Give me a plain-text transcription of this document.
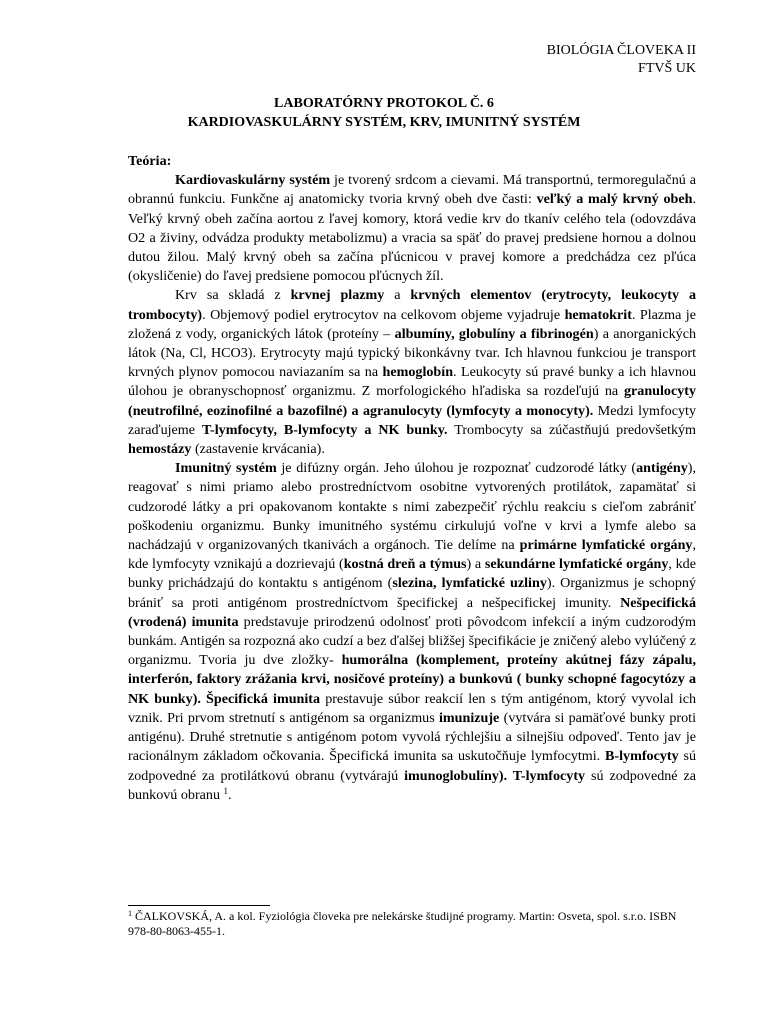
BIOLÓGIA ČLOVEKA II
FTVŠ UK
LABORATÓRNY PROTOKOL Č. 6
KARDIOVASKULÁRNY SYSTÉM, KRV, IMUNITNÝ SYSTÉM
Teória:

Kardiovaskulárny systém je tvorený srdcom a cievami. Má transportnú, termoregulačnú a obrannú funkciu. Funkčne aj anatomicky tvoria krvný obeh dve časti: veľký a malý krvný obeh. Veľký krvný obeh začína aortou z ľavej komory, ktorá vedie krv do tkanív celého tela (odovzdáva O2 a živiny, odvádza produkty metabolizmu) a vracia sa späť do pravej predsiene hornou a dolnou dutou žilou. Malý krvný obeh sa začína pľúcnicou v pravej komore a predchádza cez pľúca (okysličenie) do ľavej predsiene pomocou pľúcnych žíl.

Krv sa skladá z krvnej plazmy a krvných elementov (erytrocyty, leukocyty a trombocyty). Objemový podiel erytrocytov na celkovom objeme vyjadruje hematokrit. Plazma je zložená z vody, organických látok (proteíny – albumíny, globulíny a fibrinogén) a anorganických látok (Na, Cl, HCO3). Erytrocyty majú typický bikonkávny tvar. Ich hlavnou funkciou je transport krvných plynov pomocou naviazaním sa na hemoglobín. Leukocyty sú pravé bunky a ich hlavnou úlohou je obranyschopnosť organizmu. Z morfologického hľadiska sa rozdeľujú na granulocyty (neutrofilné, eozinofilné a bazofilné) a agranulocyty (lymfocyty a monocyty). Medzi lymfocyty zaraďujeme T-lymfocyty, B-lymfocyty a NK bunky. Trombocyty sa zúčastňujú predovšetkým hemostázy (zastavenie krvácania).

Imunitný systém je difúzny orgán. Jeho úlohou je rozpoznať cudzorodé látky (antigény), reagovať s nimi priamo alebo prostredníctvom osobitne vytvorených protilátok, zapamätať si cudzorodé látky a pri opakovanom kontakte s nimi zabezpečiť rýchlu reakciu s cieľom zabrániť poškodeniu organizmu. Bunky imunitného systému cirkulujú voľne v krvi a lymfe alebo sa nachádzajú v organizovaných tkanivách a orgánoch. Tie delíme na primárne lymfatické orgány, kde lymfocyty vznikajú a dozrievajú (kostná dreň a týmus) a sekundárne lymfatické orgány, kde bunky prichádzajú do kontaktu s antigénom (slezina, lymfatické uzliny). Organizmus je schopný brániť sa proti antigénom prostredníctvom špecifickej a nešpecifickej imunity. Nešpecifická (vrodená) imunita predstavuje prirodzenú odolnosť proti pôvodcom infekcií a iným cudzorodým bunkám. Antigén sa rozpozná ako cudzí a bez ďalšej bližšej špecifikácie je zničený alebo vylúčený z organizmu. Tvoria ju dve zložky- humorálna (komplement, proteíny akútnej fázy zápalu, interferón, faktory zrážania krvi, nosičové proteíny) a bunkovú ( bunky schopné fagocytózy a NK bunky). Špecifická imunita prestavuje súbor reakcií len s tým antigénom, ktorý vyvolal ich vznik. Pri prvom stretnutí s antigénom sa organizmus imunizuje (vytvára si pamäťové bunky proti antigénu). Druhé stretnutie s antigénom potom vyvolá rýchlejšiu a silnejšiu odpoveď. Tento jav je racionálnym základom očkovania. Špecifická imunita sa uskutočňuje lymfocytmi. B-lymfocyty sú zodpovedné za protilátkovú obranu (vytvárajú imunoglobulíny). T-lymfocyty sú zodpovedné za bunkovú obranu $^1$.

$^1$ ČALKOVSKÁ, A. a kol. Fyziológia človeka pre nelekárske študijné programy. Martin: Osveta, spol. s.r.o. ISBN 978-80-8063-455-1.
